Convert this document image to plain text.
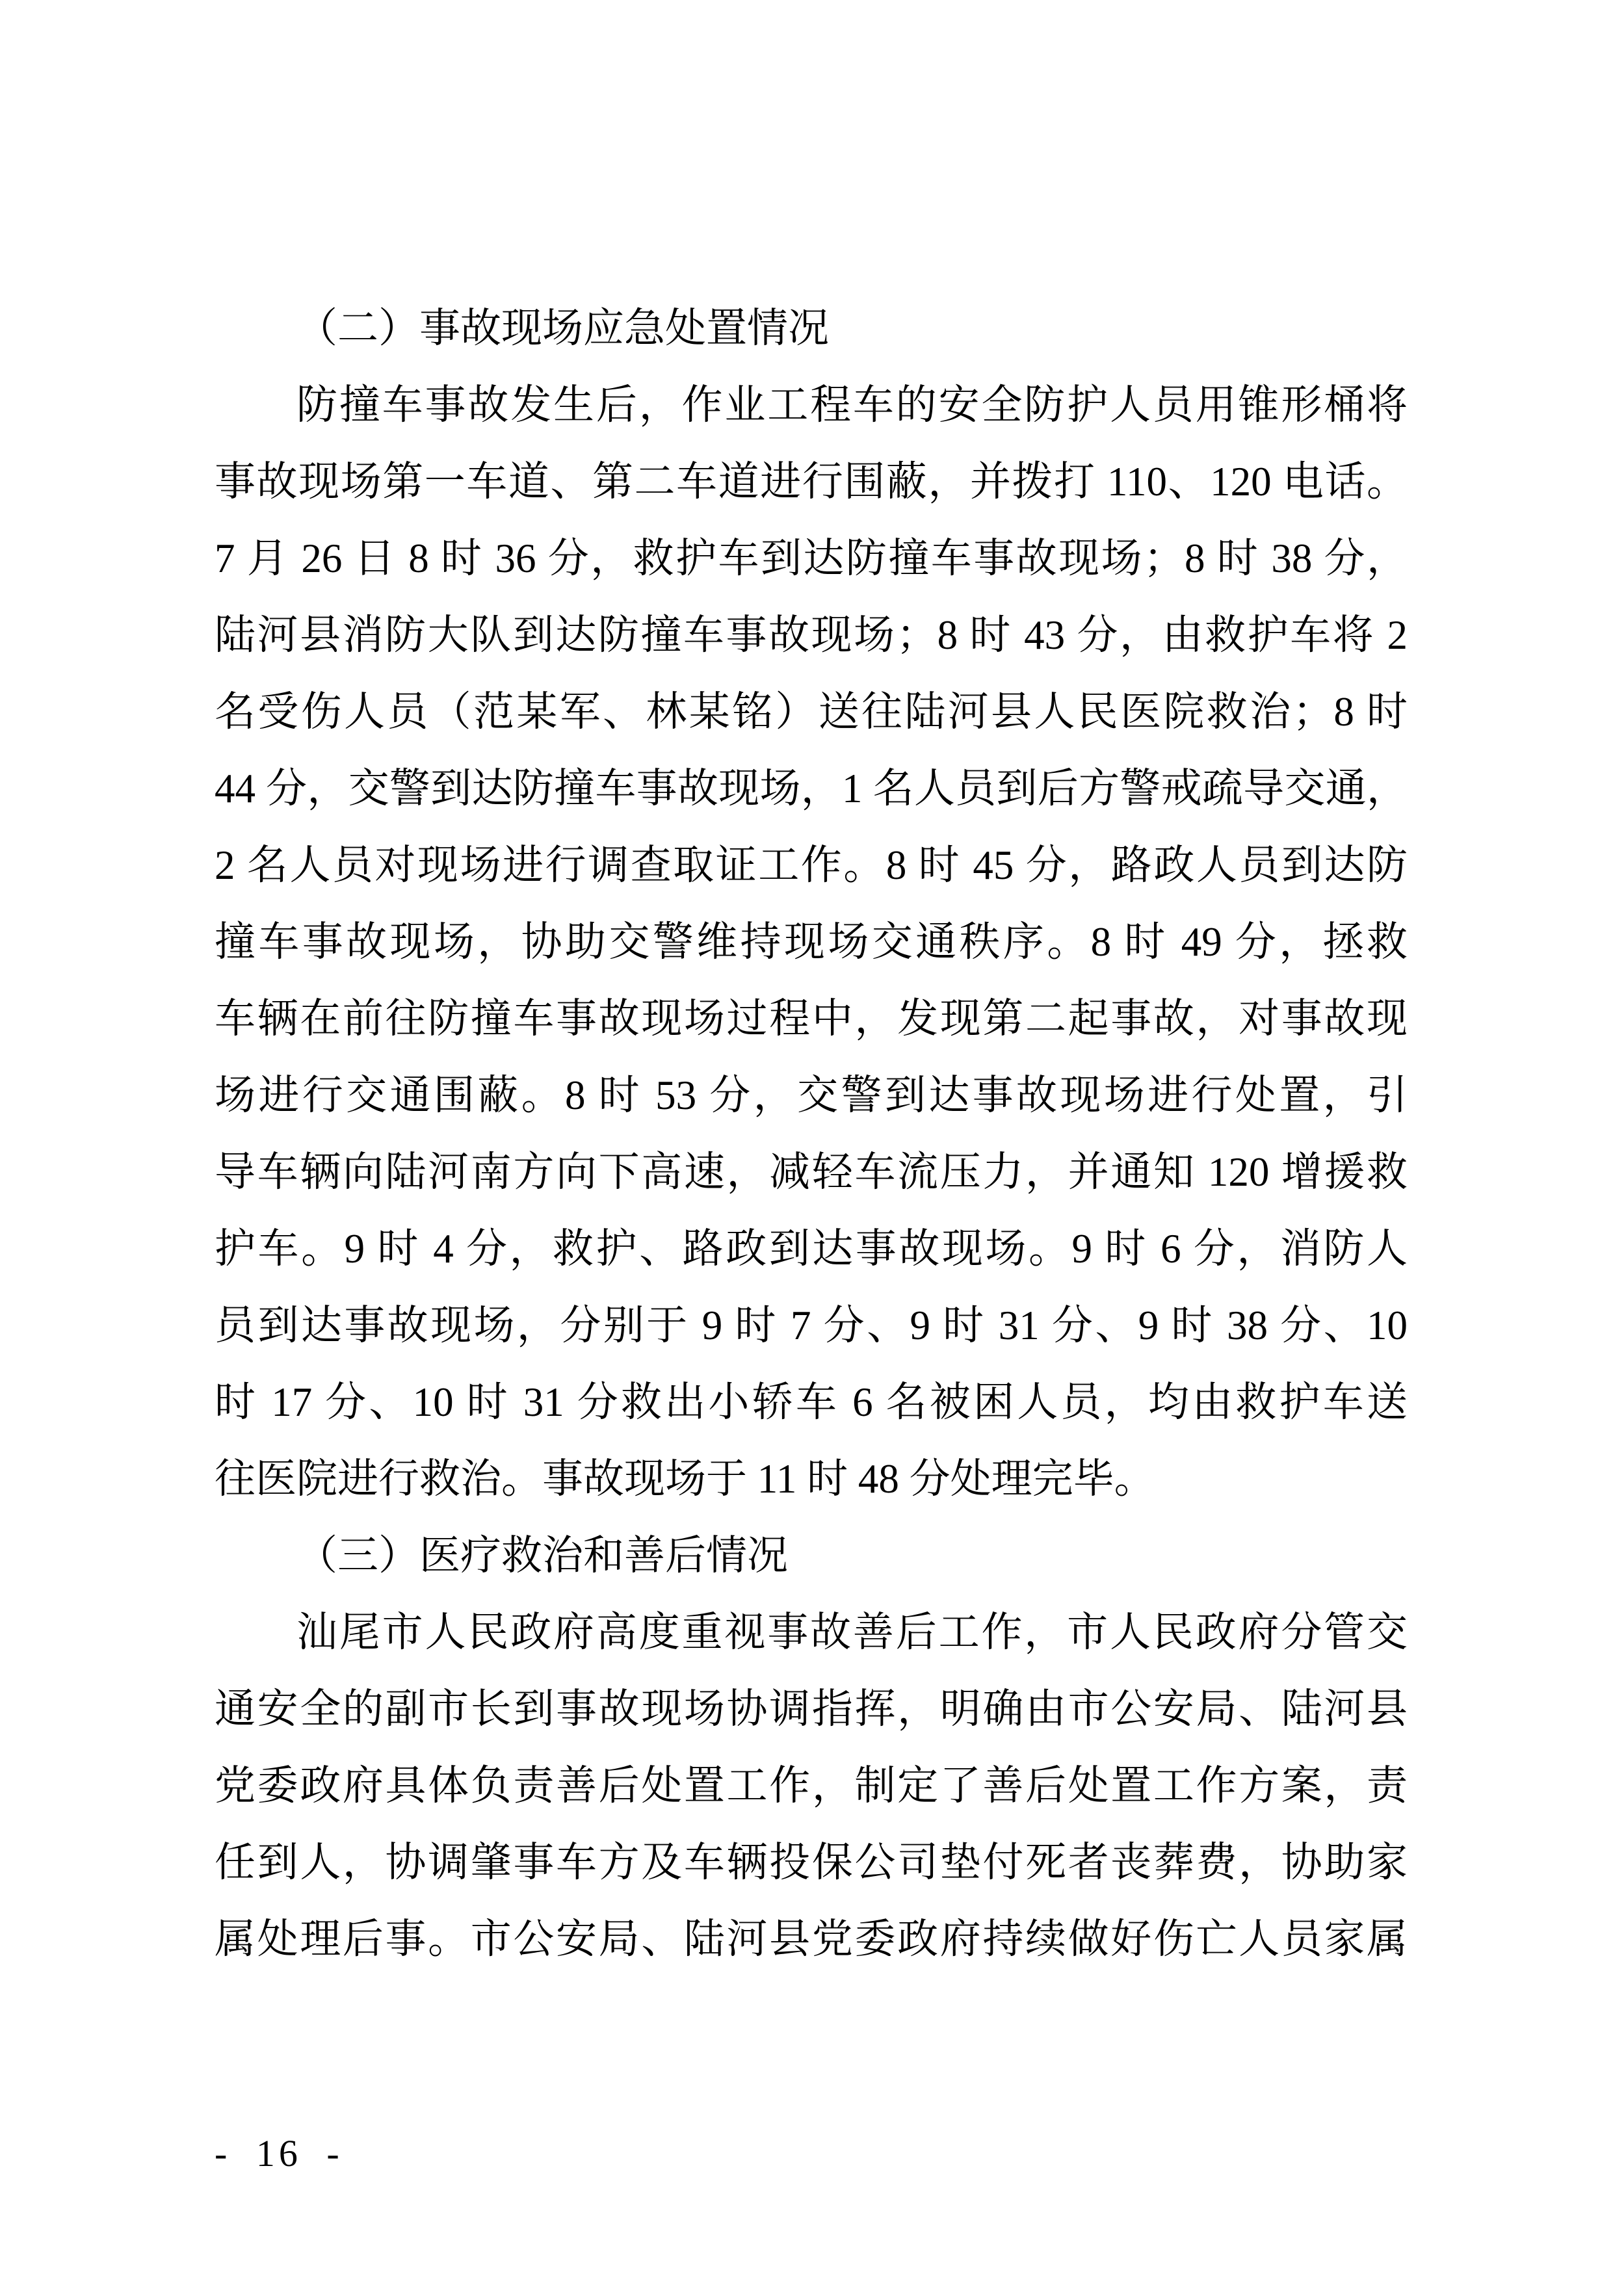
（二）事故现场应急处置情况
防撞车事故发生后，作业工程车的安全防护人员用锥形桶将
事故现场第一车道、第二车道进行围蔽，并拨打 110、120 电话。
7 月 26 日 8 时 36 分，救护车到达防撞车事故现场；8 时 38 分，
陆河县消防大队到达防撞车事故现场；8 时 43 分，由救护车将 2
名受伤人员（范某军、林某铭）送往陆河县人民医院救治；8 时
44 分，交警到达防撞车事故现场，1 名人员到后方警戒疏导交通，
2 名人员对现场进行调查取证工作。8 时 45 分，路政人员到达防
撞车事故现场，协助交警维持现场交通秩序。8 时 49 分，拯救
车辆在前往防撞车事故现场过程中，发现第二起事故，对事故现
场进行交通围蔽。8 时 53 分，交警到达事故现场进行处置，引
导车辆向陆河南方向下高速，减轻车流压力，并通知 120 增援救
护车。9 时 4 分，救护、路政到达事故现场。9 时 6 分，消防人
员到达事故现场，分别于 9 时 7 分、9 时 31 分、9 时 38 分、10
时 17 分、10 时 31 分救出小轿车 6 名被困人员，均由救护车送
往医院进行救治。事故现场于 11 时 48 分处理完毕。
（三）医疗救治和善后情况
汕尾市人民政府高度重视事故善后工作，市人民政府分管交
通安全的副市长到事故现场协调指挥，明确由市公安局、陆河县
党委政府具体负责善后处置工作，制定了善后处置工作方案，责
任到人，协调肇事车方及车辆投保公司垫付死者丧葬费，协助家
属处理后事。市公安局、陆河县党委政府持续做好伤亡人员家属
- 16 -
